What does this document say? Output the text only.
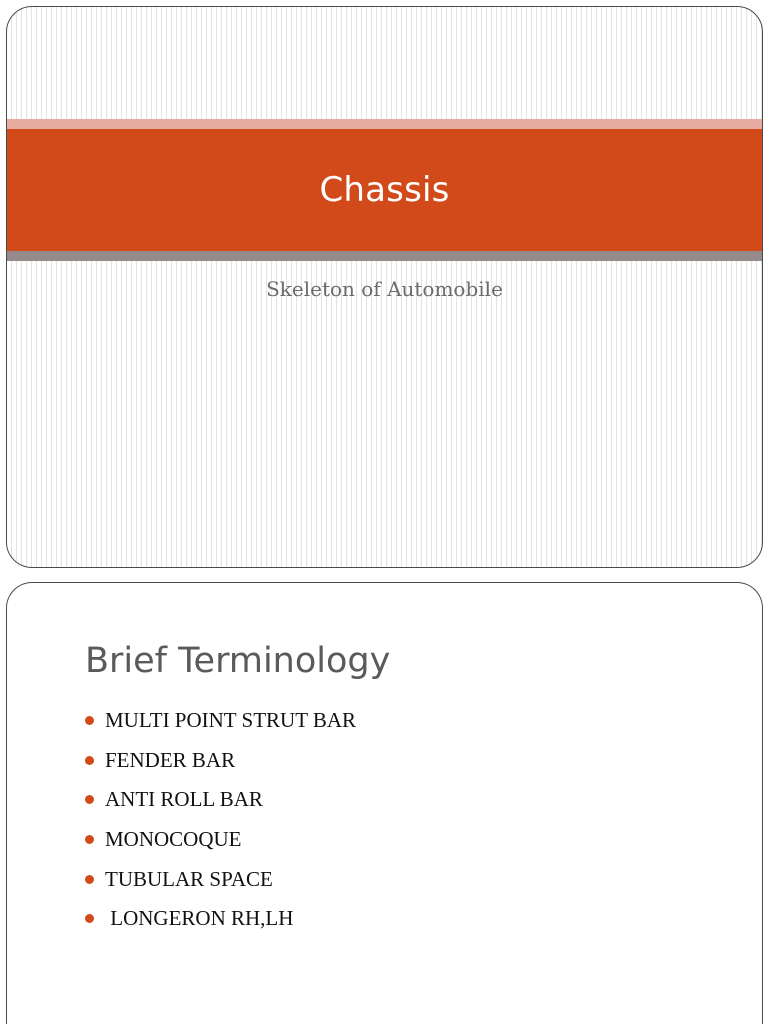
Chassis
Skeleton of Automobile
Brief Terminology
MULTI POINT STRUT BAR
FENDER BAR
ANTI ROLL BAR
MONOCOQUE
TUBULAR SPACE
LONGERON RH,LH
